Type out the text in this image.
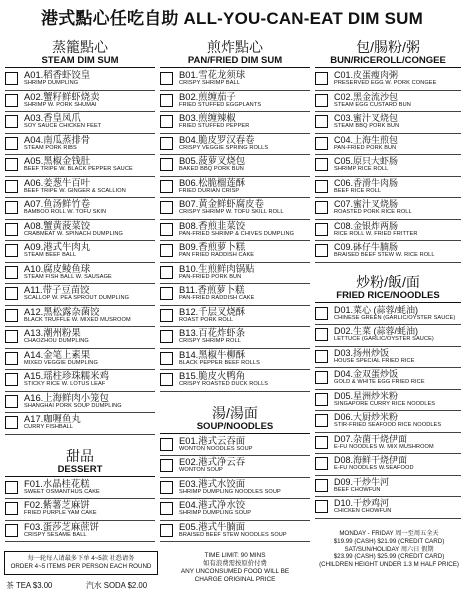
港式點心任吃自助 ALL-YOU-CAN-EAT DIM SUM
蒸籠點心
STEAM DIM SUM
A01.稻香虾饺皇
SHRIMP DUMPLING
A02.蟹籽鲜虾烧卖
SHRIMP W. PORK SHUMAI
A03.香皇凤爪
SOY SAUCE CHICKEN FEET
A04.南瓜蒸排骨
STEAM PORK RIBS
A05.黑椒金钱肚
BEEF TRIPE W. BLACK PEPPER SAUCE
A06.姜葱牛百叶
BEEF TRIPE W. GINGER & SCALLION
A07.鱼汤鲜竹卷
BAMBOO ROLL W. TOFU SKIN
A08.蟹黄菠菜饺
CRABMEAT W. SPINACH DUMPLING
A09.港式牛肉丸
STEAM BEEF BALL
A10.腐皮鲮鱼球
STEAM FISH BALL W. SAUSAGE
A11.带子豆苗饺
SCALLOP W. PEA SPROUT DUMPLING
A12.黑松露杂菌饺
BLACK TRUFFLE W. MIXED MUSROOM
A13.潮州粉果
CHAOZHOU DUMPLING
A14.金笔上素果
MIXED VEGGIE DUMPLING
A15.瑶柱珍珠糯米鸡
STICKY RICE W. LOTUS LEAF
A16.上海鲜肉小笼包
SHANGHAI PORK SOUP DUMPLING
A17.咖喱鱼丸
CURRY FISHBALL
甜品
DESSERT
F01.水晶桂花糕
SWEET OSMANTHUS CAKE
F02.紫薯芝麻饼
FRIED PURPLE YAM CAKE
F03.蛋莎芝麻蔗饼
CRISPY SESAME BALL
煎炸點心
PAN/FRIED DIM SUM
B01.雪花龙须球
CRISPY SHRIMP BALL
B02.煎缠茄子
FRIED STUFFED EGGPLANTS
B03.煎缠辣椒
FRIED STUFFED PEPPER
B04.脆皮罗汉春卷
CRISPY VEGGIE SPRING ROLLS
B05.菠萝叉烧包
BAKED BBQ PORK BUN
B06.松脆榴莲酥
FRIED DURIAN CRISP
B07.黄金鲜虾腐皮卷
CRISPY SHRIMP W. TOFU SKILL ROLL
B08.香煎韭菜饺
PAN-FRIED SHRIMP & CHIVES DUMPLING
B09.香煎萝卜糕
PAN FRIED RADDISH CAKE
B10.生煎鲜肉锅贴
PAN-FRIED PORK BUN
B11.香煎萝卜糕
PAN-FRIED RADDISH CAKE
B12.千层叉烧酥
ROAST PORK ROLL
B13.百花炸虾条
CRISPY SHRIMP ROLL
B14.黑椒牛柳酥
BLACK PEPPER BEEF ROLLS
B15.脆皮火鸭角
CRISPY ROASTED DUCK ROLLS
湯/湯面
SOUP/NOODLES
E01.港式云吞面
WONTON NOODLES SOUP
E02.港式净云吞
WONTON SOUP
E03.港式水饺面
SHRIMP DUMPLING NOODLES SOUP
E04.港式净水饺
SHRIMP DUMPLING SOUP
E05.港式牛腩面
BRAISED BEEF STEW NOODLES SOUP
包/腸粉/粥
BUN/RICEROLL/CONGEE
C01.皮蛋瘦肉粥
PRESERVED EGG W. PORK CONGEE
C02.黑金流沙包
STEAM EGG CUSTARD BUN
C03.蜜汁叉烧包
STEAM BBQ PORK BUN
C04.上海生煎包
PAN-FRIED PORK BUN
C05.原只大虾肠
SHRIMP RICE ROLL
C06.香滑牛肉肠
BEEF RICE ROLL
C07.蜜汁叉烧肠
ROASTED PORK RICE ROLL
C08.金银炸两肠
RICE ROLL W. FRIED FRITTER
C09.砵仔牛腩肠
BRAISED BEEF STEW W. RICE ROLL
炒粉/飯/面
FRIED RICE/NOODLES
D01.菜心 (蒜蓉/蚝油)
CHINESE GREEN (GARLIC/OYSTER SAUCE)
D02.生菜 (蒜蓉/蚝油)
LETTUCE (GARLIC/OYSTER SAUCE)
D03.扬州炒饭
HOUSE SPECIAL FRIED RICE
D04.金双蛋炒饭
GOLD & WHITE EGG FRIED RICE
D05.星洲炒米粉
SINGAPORE CURRY RICE NOODLES
D06.大厨炒米粉
STIR-FRIED SEAFOOD RICE NOODLES
D07.杂菌干烧伊面
E-FU NOODLES W. MIX MUSHROOM
D08.海鲜干烧伊面
E-FU NOODLES W.SEAFOOD
D09.干炒牛河
BEEF CHOWFUN
D10.干炒鸡河
CHICKEN CHOWFUN
每一轮每人请最多下单 4~5款 社恐请务
ORDER 4~5 ITEMS PER PERSON EACH ROUND
茶 TEA $3.00	汽水 SODA $2.00
TIME LIMIT: 90 MINS
如有浪费需按原价付费
ANY UNCONSUMED FOOD WILL BE
CHARGE ORIGINAL PRICE
MONDAY - FRIDAY 周一至周五全天
$19.99 (CASH) $21.99 (CREDIT CARD)
SAT/SUN/HOLIDAY 周六日 假期
$23.99 (CASH) $25.99 (CREDIT CARD)
(CHILDREN HEIGHT UNDER 1.3 M HALF PRICE)
